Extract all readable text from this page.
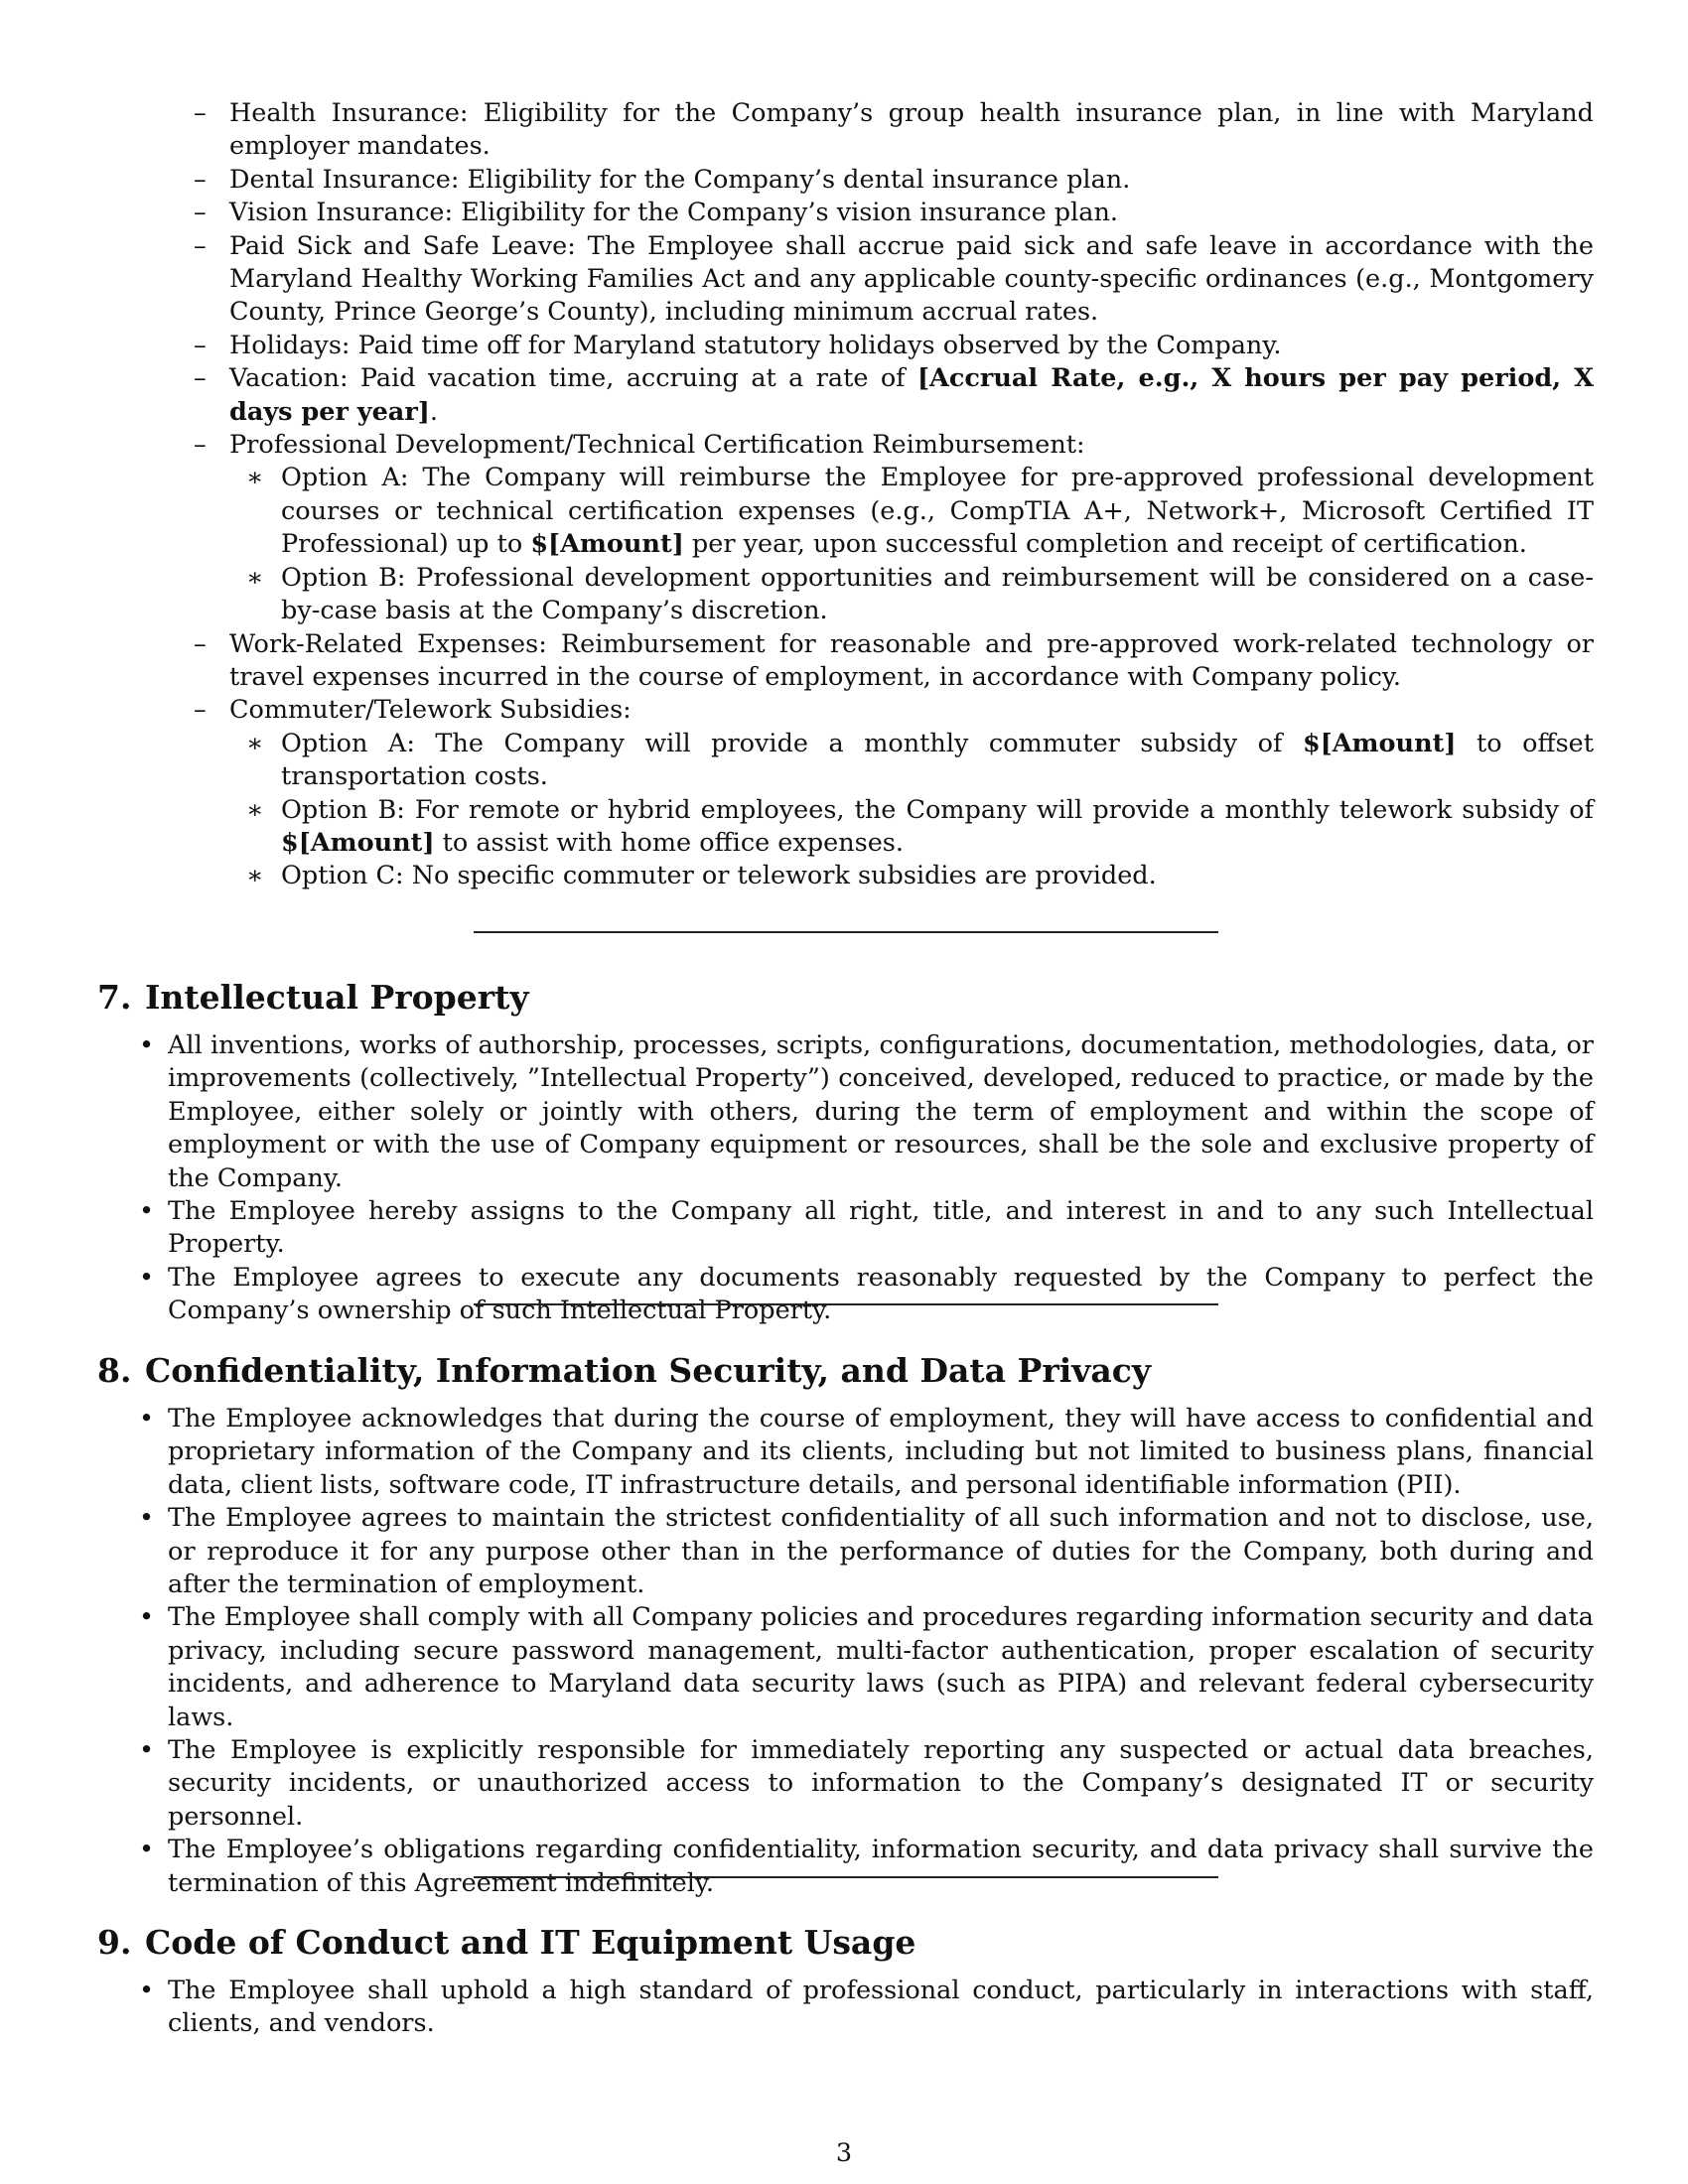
– Health Insurance: Eligibility for the Company’s group health insurance plan, in line with Maryland employer mandates.
– Dental Insurance: Eligibility for the Company’s dental insurance plan.
– Vision Insurance: Eligibility for the Company’s vision insurance plan.
– Paid Sick and Safe Leave: The Employee shall accrue paid sick and safe leave in accordance with the Maryland Healthy Working Families Act and any applicable county-specific ordinances (e.g., Montgomery County, Prince George’s County), including minimum accrual rates.
– Holidays: Paid time off for Maryland statutory holidays observed by the Company.
– Vacation: Paid vacation time, accruing at a rate of [Accrual Rate, e.g., X hours per pay period, X days per year].
– Professional Development/Technical Certification Reimbursement:
∗ Option A: The Company will reimburse the Employee for pre-approved professional development courses or technical certification expenses (e.g., CompTIA A+, Network+, Microsoft Certified IT Professional) up to $[Amount] per year, upon successful completion and receipt of certification.
∗ Option B: Professional development opportunities and reimbursement will be considered on a case-by-case basis at the Company’s discretion.
– Work-Related Expenses: Reimbursement for reasonable and pre-approved work-related technology or travel expenses incurred in the course of employment, in accordance with Company policy.
– Commuter/Telework Subsidies:
∗ Option A: The Company will provide a monthly commuter subsidy of $[Amount] to offset transportation costs.
∗ Option B: For remote or hybrid employees, the Company will provide a monthly telework subsidy of $[Amount] to assist with home office expenses.
∗ Option C: No specific commuter or telework subsidies are provided.
7. Intellectual Property
• All inventions, works of authorship, processes, scripts, configurations, documentation, methodologies, data, or improvements (collectively, ”Intellectual Property”) conceived, developed, reduced to practice, or made by the Employee, either solely or jointly with others, during the term of employment and within the scope of employment or with the use of Company equipment or resources, shall be the sole and exclusive property of the Company.
• The Employee hereby assigns to the Company all right, title, and interest in and to any such Intellectual Property.
• The Employee agrees to execute any documents reasonably requested by the Company to perfect the Company’s ownership of such Intellectual Property.
8. Confidentiality, Information Security, and Data Privacy
• The Employee acknowledges that during the course of employment, they will have access to confidential and proprietary information of the Company and its clients, including but not limited to business plans, financial data, client lists, software code, IT infrastructure details, and personal identifiable information (PII).
• The Employee agrees to maintain the strictest confidentiality of all such information and not to disclose, use, or reproduce it for any purpose other than in the performance of duties for the Company, both during and after the termination of employment.
• The Employee shall comply with all Company policies and procedures regarding information security and data privacy, including secure password management, multi-factor authentication, proper escalation of security incidents, and adherence to Maryland data security laws (such as PIPA) and relevant federal cybersecurity laws.
• The Employee is explicitly responsible for immediately reporting any suspected or actual data breaches, security incidents, or unauthorized access to information to the Company’s designated IT or security personnel.
• The Employee’s obligations regarding confidentiality, information security, and data privacy shall survive the termination of this Agreement indefinitely.
9. Code of Conduct and IT Equipment Usage
• The Employee shall uphold a high standard of professional conduct, particularly in interactions with staff, clients, and vendors.
3
